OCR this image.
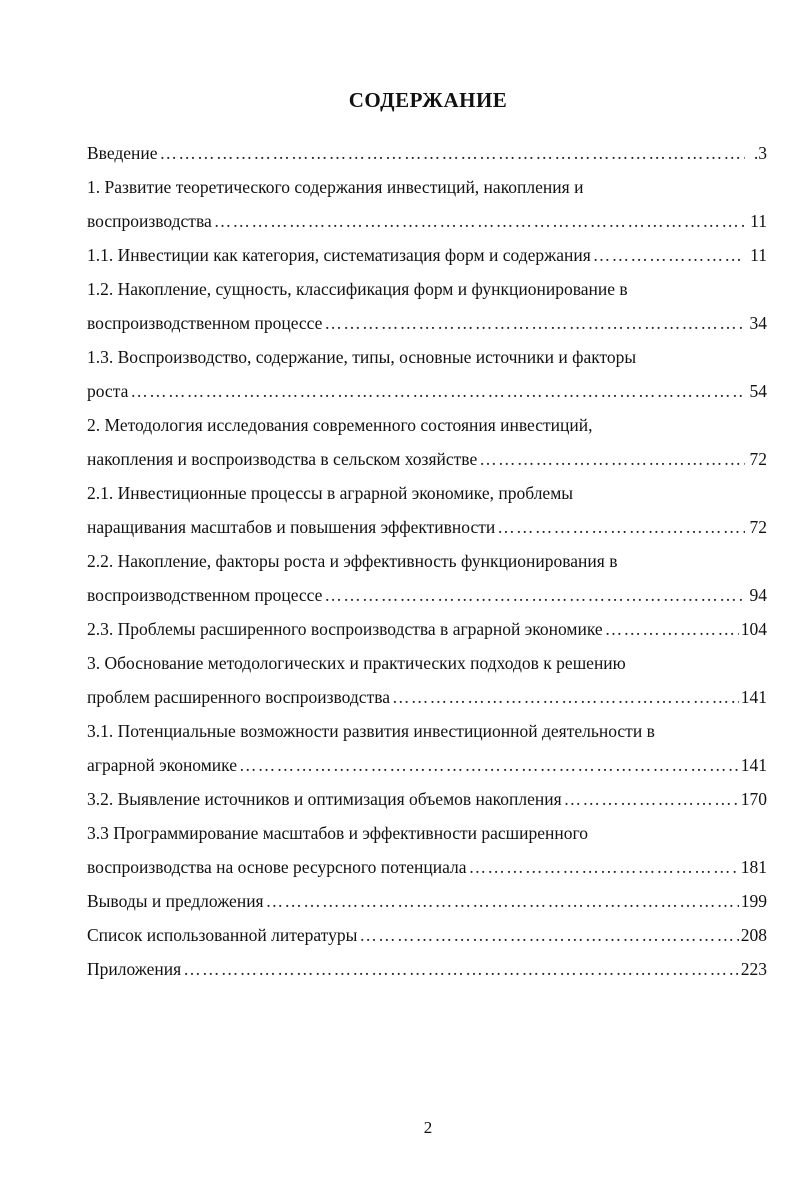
СОДЕРЖАНИЕ
Введение ……………………………………………………………………………………………………………………………………………………………	.3
1. Развитие теоретического содержания инвестиций, накопления и
воспроизводства ……………………………………………………………………………………………………………………………………………………………	11
1.1. Инвестиции как категория, систематизация форм и содержания ……………………………………………………………………………………………………………………………………………………………	11
1.2. Накопление, сущность, классификация форм и функционирование в
воспроизводственном процессе ……………………………………………………………………………………………………………………………………………………………	34
1.3. Воспроизводство, содержание, типы, основные источники и факторы
роста ……………………………………………………………………………………………………………………………………………………………	54
2. Методология исследования современного состояния инвестиций,
накопления и воспроизводства в сельском хозяйстве ……………………………………………………………………………………………………………………………………………………………	72
2.1. Инвестиционные процессы в аграрной экономике, проблемы
наращивания масштабов и повышения эффективности ……………………………………………………………………………………………………………………………………………………………	72
2.2. Накопление, факторы роста и эффективность функционирования в
воспроизводственном процессе ……………………………………………………………………………………………………………………………………………………………	94
2.3. Проблемы расширенного воспроизводства в аграрной экономике ……………………………………………………………………………………………………………………………………………………………	104
3. Обоснование методологических и практических подходов к решению
проблем расширенного воспроизводства ……………………………………………………………………………………………………………………………………………………………	141
3.1. Потенциальные возможности развития инвестиционной деятельности в
аграрной экономике ……………………………………………………………………………………………………………………………………………………………	141
3.2. Выявление источников и оптимизация объемов накопления ……………………………………………………………………………………………………………………………………………………………	170
3.3 Программирование масштабов и эффективности расширенного
воспроизводства на основе ресурсного потенциала ……………………………………………………………………………………………………………………………………………………………	181
Выводы и предложения ……………………………………………………………………………………………………………………………………………………………	199
Список использованной литературы ……………………………………………………………………………………………………………………………………………………………	208
Приложения ……………………………………………………………………………………………………………………………………………………………	223
2
